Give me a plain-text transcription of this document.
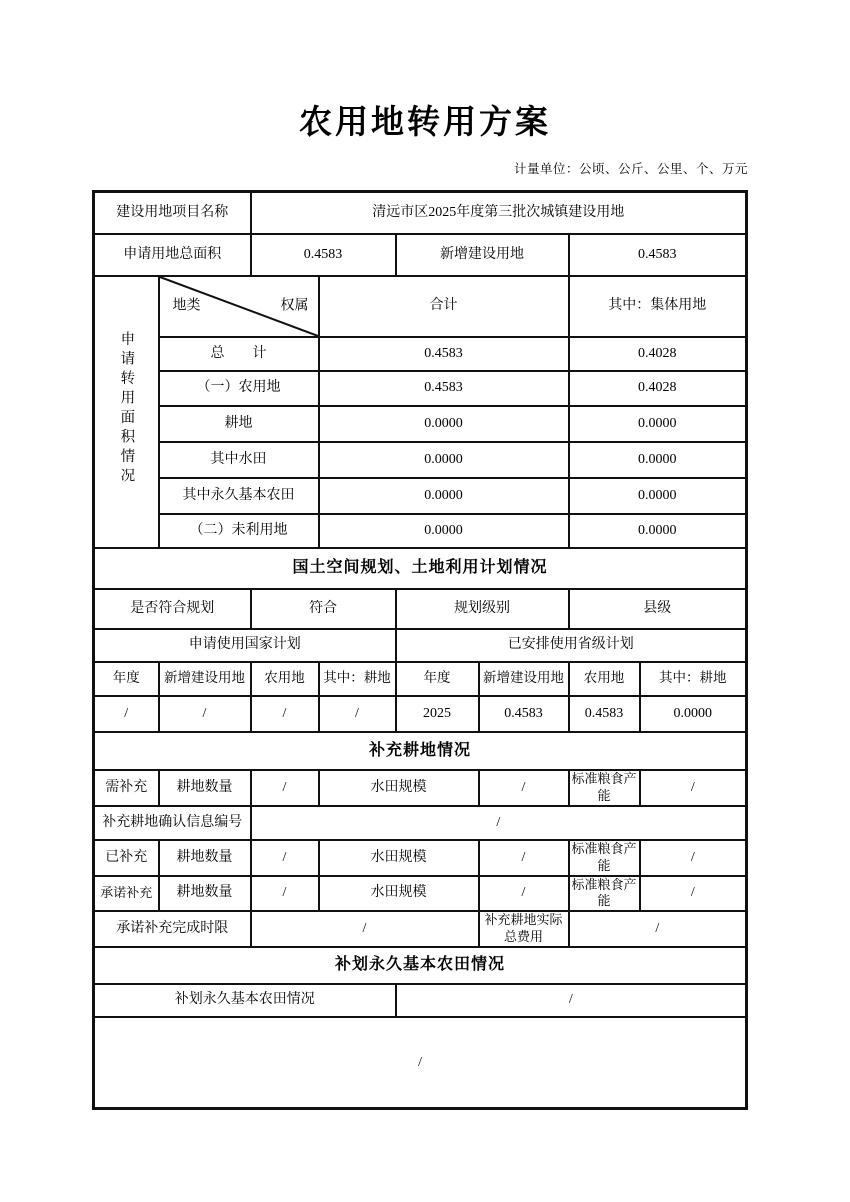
农用地转用方案
计量单位：公顷、公斤、公里、个、万元
建设用地项目名称		清远市区2025年度第三批次城镇建设用地					
申请用地总面积		0.4583		新增建设用地		0.4583	
申请转用面积情况	地类 权属		合计			其中：集体用地	
	总　　计		0.4583			0.4028	
	（一）农用地		0.4583			0.4028	
	耕地		0.0000			0.0000	
	其中水田		0.0000			0.0000	
	其中永久基本农田		0.0000			0.0000	
	（二）未利用地		0.0000			0.0000	
国土空间规划、土地利用计划情况							
是否符合规划		符合		规划级别		县级	
申请使用国家计划				已安排使用省级计划			
年度	新增建设用地	农用地	其中：耕地	年度	新增建设用地	农用地	其中：耕地
/	/	/	/	2025	0.4583	0.4583	0.0000
补充耕地情况							
需补充	耕地数量	/	水田规模		/	标准粮食产能	/
补充耕地确认信息编号		/					
已补充	耕地数量	/	水田规模		/	标准粮食产能	/
承诺补充	耕地数量	/	水田规模		/	标准粮食产能	/
承诺补充完成时限		/			补充耕地实际总费用	/	
补划永久基本农田情况							
补划永久基本农田情况				/			
/							
